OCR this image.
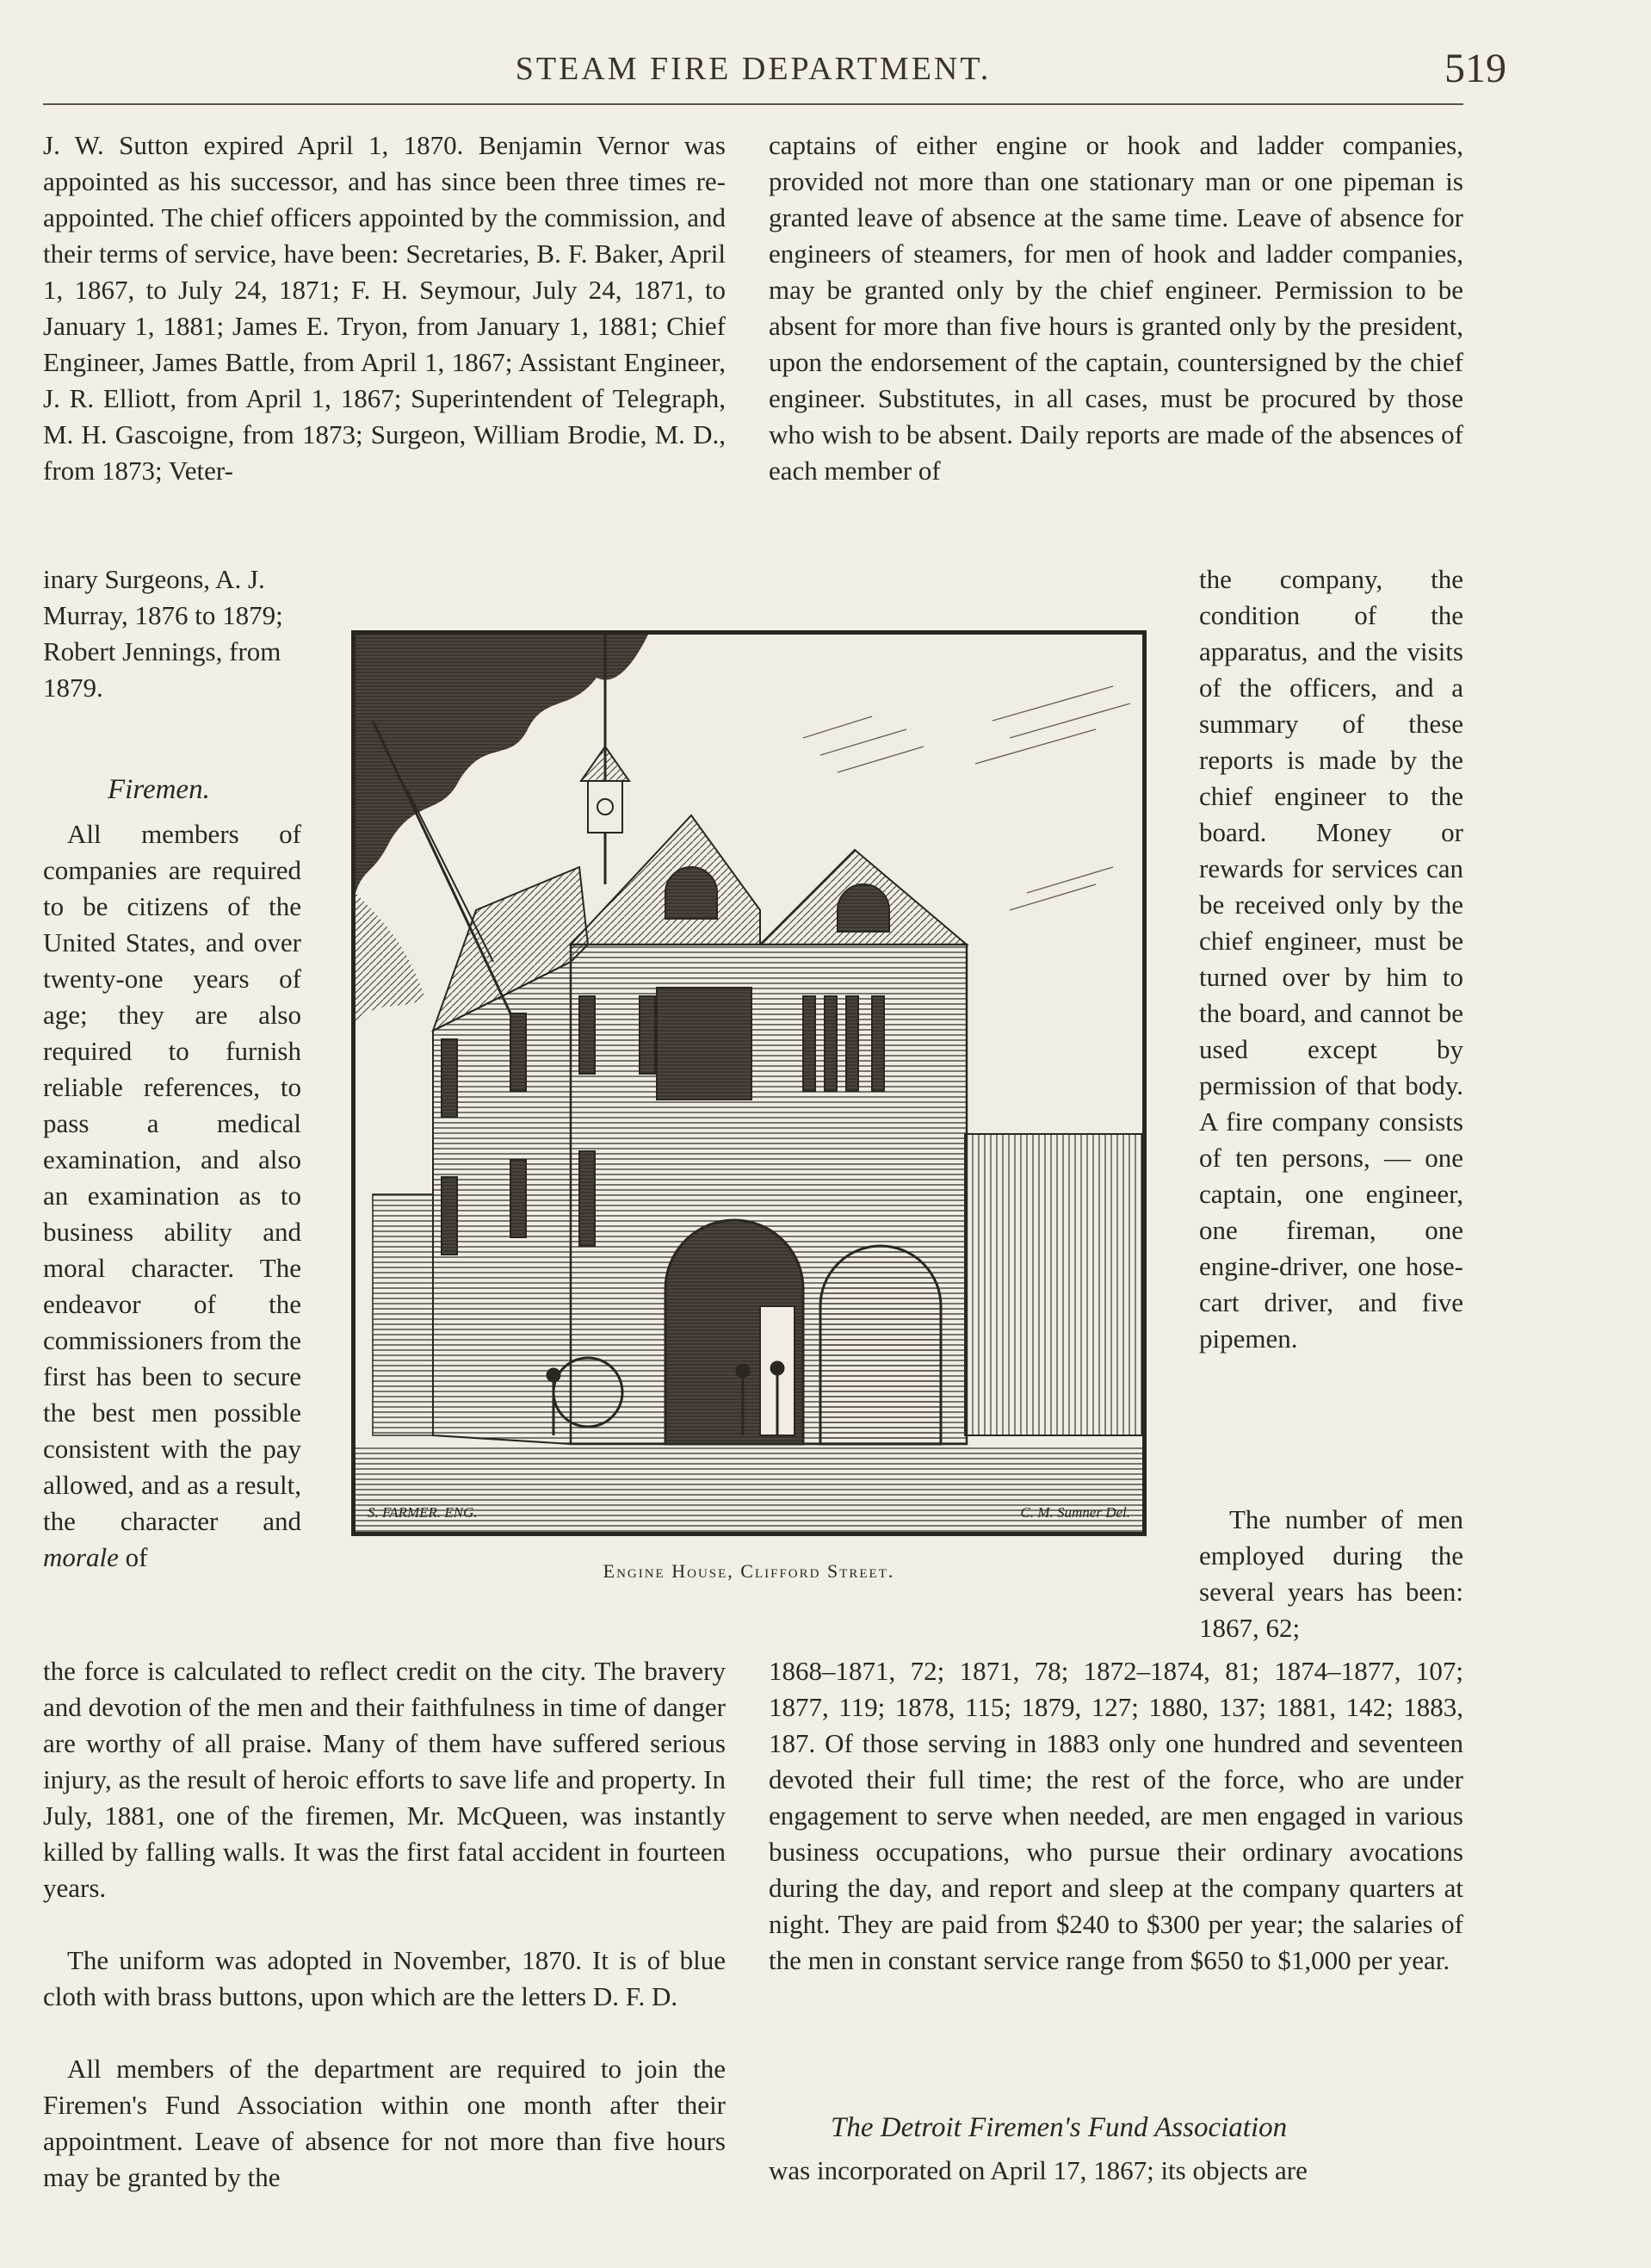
STEAM FIRE DEPARTMENT.	519

J. W. Sutton expired April 1, 1870. Benjamin Vernor was appointed as his successor, and has since been three times re-appointed. The chief officers appointed by the commission, and their terms of service, have been: Secretaries, B. F. Baker, April 1, 1867, to July 24, 1871; F. H. Seymour, July 24, 1871, to January 1, 1881; James E. Tryon, from January 1, 1881; Chief Engineer, James Battle, from April 1, 1867; Assistant Engineer, J. R. Elliott, from April 1, 1867; Superintendent of Telegraph, M. H. Gascoigne, from 1873; Surgeon, William Brodie, M. D., from 1873; Veter-

inary Surgeons, A. J. Murray, 1876 to 1879; Robert Jennings, from 1879.

Firemen.

All members of companies are required to be citizens of the United States, and over twenty-one years of age; they are also required to furnish reliable references, to pass a medical examination, and also an examination as to business ability and moral character. The endeavor of the commissioners from the first has been to secure the best men possible consistent with the pay allowed, and as a result, the character and morale of

the force is calculated to reflect credit on the city. The bravery and devotion of the men and their faithfulness in time of danger are worthy of all praise. Many of them have suffered serious injury, as the result of heroic efforts to save life and property. In July, 1881, one of the firemen, Mr. McQueen, was instantly killed by falling walls. It was the first fatal accident in fourteen years.

The uniform was adopted in November, 1870. It is of blue cloth with brass buttons, upon which are the letters D. F. D.

All members of the department are required to join the Firemen's Fund Association within one month after their appointment. Leave of absence for not more than five hours may be granted by the

captains of either engine or hook and ladder companies, provided not more than one stationary man or one pipeman is granted leave of absence at the same time. Leave of absence for engineers of steamers, for men of hook and ladder companies, may be granted only by the chief engineer. Permission to be absent for more than five hours is granted only by the president, upon the endorsement of the captain, countersigned by the chief engineer. Substitutes, in all cases, must be procured by those who wish to be absent. Daily reports are made of the absences of each member of

the company, the condition of the apparatus, and the visits of the officers, and a summary of these reports is made by the chief engineer to the board. Money or rewards for services can be received only by the chief engineer, must be turned over by him to the board, and cannot be used except by permission of that body. A fire company consists of ten persons, — one captain, one engineer, one fireman, one engine-driver, one hose-cart driver, and five pipemen.

The number of men employed during the several years has been: 1867, 62;

1868–1871, 72; 1871, 78; 1872–1874, 81; 1874–1877, 107; 1877, 119; 1878, 115; 1879, 127; 1880, 137; 1881, 142; 1883, 187. Of those serving in 1883 only one hundred and seventeen devoted their full time; the rest of the force, who are under engagement to serve when needed, are men engaged in various business occupations, who pursue their ordinary avocations during the day, and report and sleep at the company quarters at night. They are paid from $240 to $300 per year; the salaries of the men in constant service range from $650 to $1,000 per year.

The Detroit Firemen's Fund Association

was incorporated on April 17, 1867; its objects are

S. FARMER. ENG.	C. M. Sumner Del.
Engine House, Clifford Street.
